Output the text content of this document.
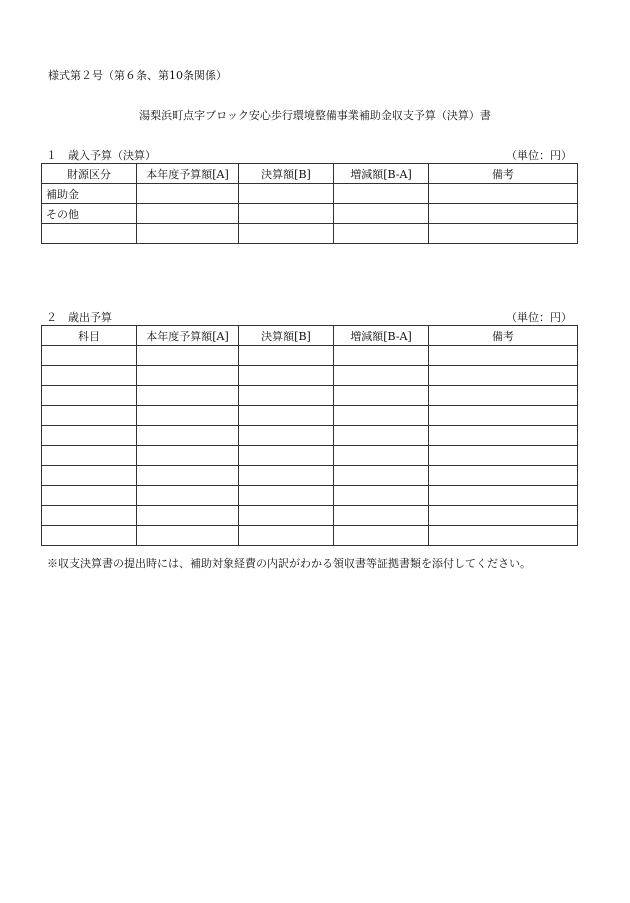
様式第２号（第６条、第10条関係）
湯梨浜町点字ブロック安心歩行環境整備事業補助金収支予算（決算）書
１　歳入予算（決算）	（単位：円）
財源区分	本年度予算額[A]	決算額[B]	増減額[B-A]	備考
補助金				
その他				

２　歳出予算	（単位：円）
科目	本年度予算額[A]	決算額[B]	増減額[B-A]	備考

※収支決算書の提出時には、補助対象経費の内訳がわかる領収書等証拠書類を添付してください。
